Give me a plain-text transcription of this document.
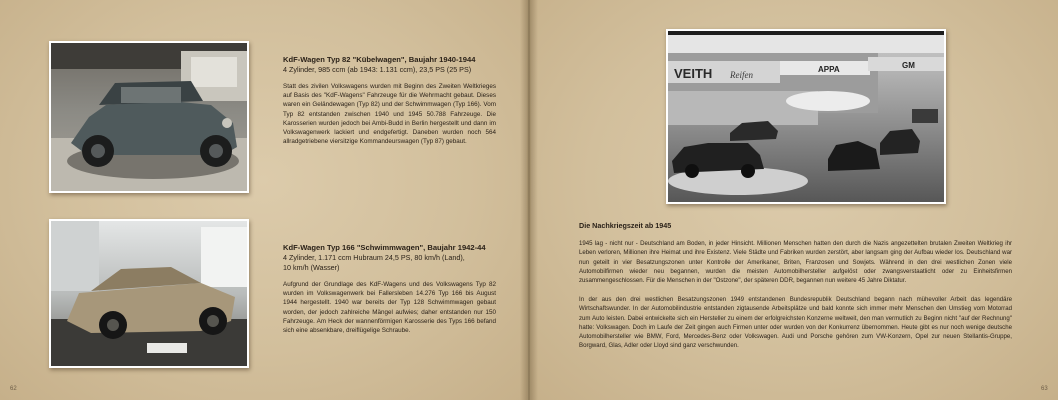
KdF-Wagen Typ 82 "Kübelwagen", Baujahr 1940-1944
4 Zylinder, 985 ccm (ab 1943: 1.131 ccm), 23,5 PS (25 PS)
Statt des zivilen Volkswagens wurden mit Beginn des Zweiten Weltkrieges auf Basis des "KdF-Wagens" Fahrzeuge für die Wehrmacht gebaut. Dieses waren ein Geländewagen (Typ 82) und der Schwimmwagen (Typ 166). Vom Typ 82 entstanden zwischen 1940 und 1945 50.788 Fahrzeuge. Die Karosserien wurden jedoch bei Ambi-Budd in Berlin hergestellt und dann im Volkswagenwerk lackiert und endgefertigt. Daneben wurden noch 564 allradgetriebene viersitzige Kommandeurswagen (Typ 87) gebaut.
KdF-Wagen Typ 166 "Schwimmwagen", Baujahr 1942-44
4 Zylinder, 1.171 ccm Hubraum 24,5 PS, 80 km/h (Land),
10 km/h (Wasser)
Aufgrund der Grundlage des KdF-Wagens und des Volkswagens Typ 82 wurden im Volkswagenwerk bei Fallersleben 14.276 Typ 166 bis August 1944 hergestellt. 1940 war bereits der Typ 128 Schwimmwagen gebaut worden, der jedoch zahlreiche Mängel aufwies; daher entstanden nur 150 Fahrzeuge. Am Heck der wannenförmigen Karosserie des Typs 166 befand sich eine absenkbare, dreiflügelige Schraube.
62
VEITH Reifen
APPA	GM
Die Nachkriegszeit ab 1945
1945 lag - nicht nur - Deutschland am Boden, in jeder Hinsicht. Millionen Menschen hatten den durch die Nazis angezettelten brutalen Zweiten Weltkrieg ihr Leben verloren, Millionen ihre Heimat und ihre Existenz. Viele Städte und Fabriken wurden zerstört, aber langsam ging der Aufbau wieder los. Deutschland war nun geteilt in vier Besatzungszonen unter Kontrolle der Amerikaner, Briten, Franzosen und Sowjets. Während in den drei westlichen Zonen viele Automobilfirmen wieder neu begannen, wurden die meisten Automobilhersteller aufgelöst oder zwangsverstaatlicht oder zu Einheitsfirmen zusammengeschlossen. Für die Menschen in der "Ostzone", der späteren DDR, begannen nun weitere 45 Jahre Diktatur.
In der aus den drei westlichen Besatzungszonen 1949 entstandenen Bundesrepublik Deutschland begann nach mühevoller Arbeit das legendäre Wirtschaftswunder. In der Automobilindustrie entstanden zigtausende Arbeitsplätze und bald konnte sich immer mehr Menschen den Umstieg vom Motorrad zum Auto leisten. Dabei entwickelte sich ein Hersteller zu einem der erfolgreichsten Konzerne weltweit, den man vermutlich zu Beginn nicht "auf der Rechnung" hatte: Volkswagen. Doch im Laufe der Zeit gingen auch Firmen unter oder wurden von der Konkurrenz übernommen. Heute gibt es nur noch wenige deutsche Automobilhersteller wie BMW, Ford, Mercedes-Benz oder Volkswagen. Audi und Porsche gehören zum VW-Konzern, Opel zur neuen Stellantis-Gruppe, Borgward, Glas, Adler oder Lloyd sind ganz verschwunden.
63
